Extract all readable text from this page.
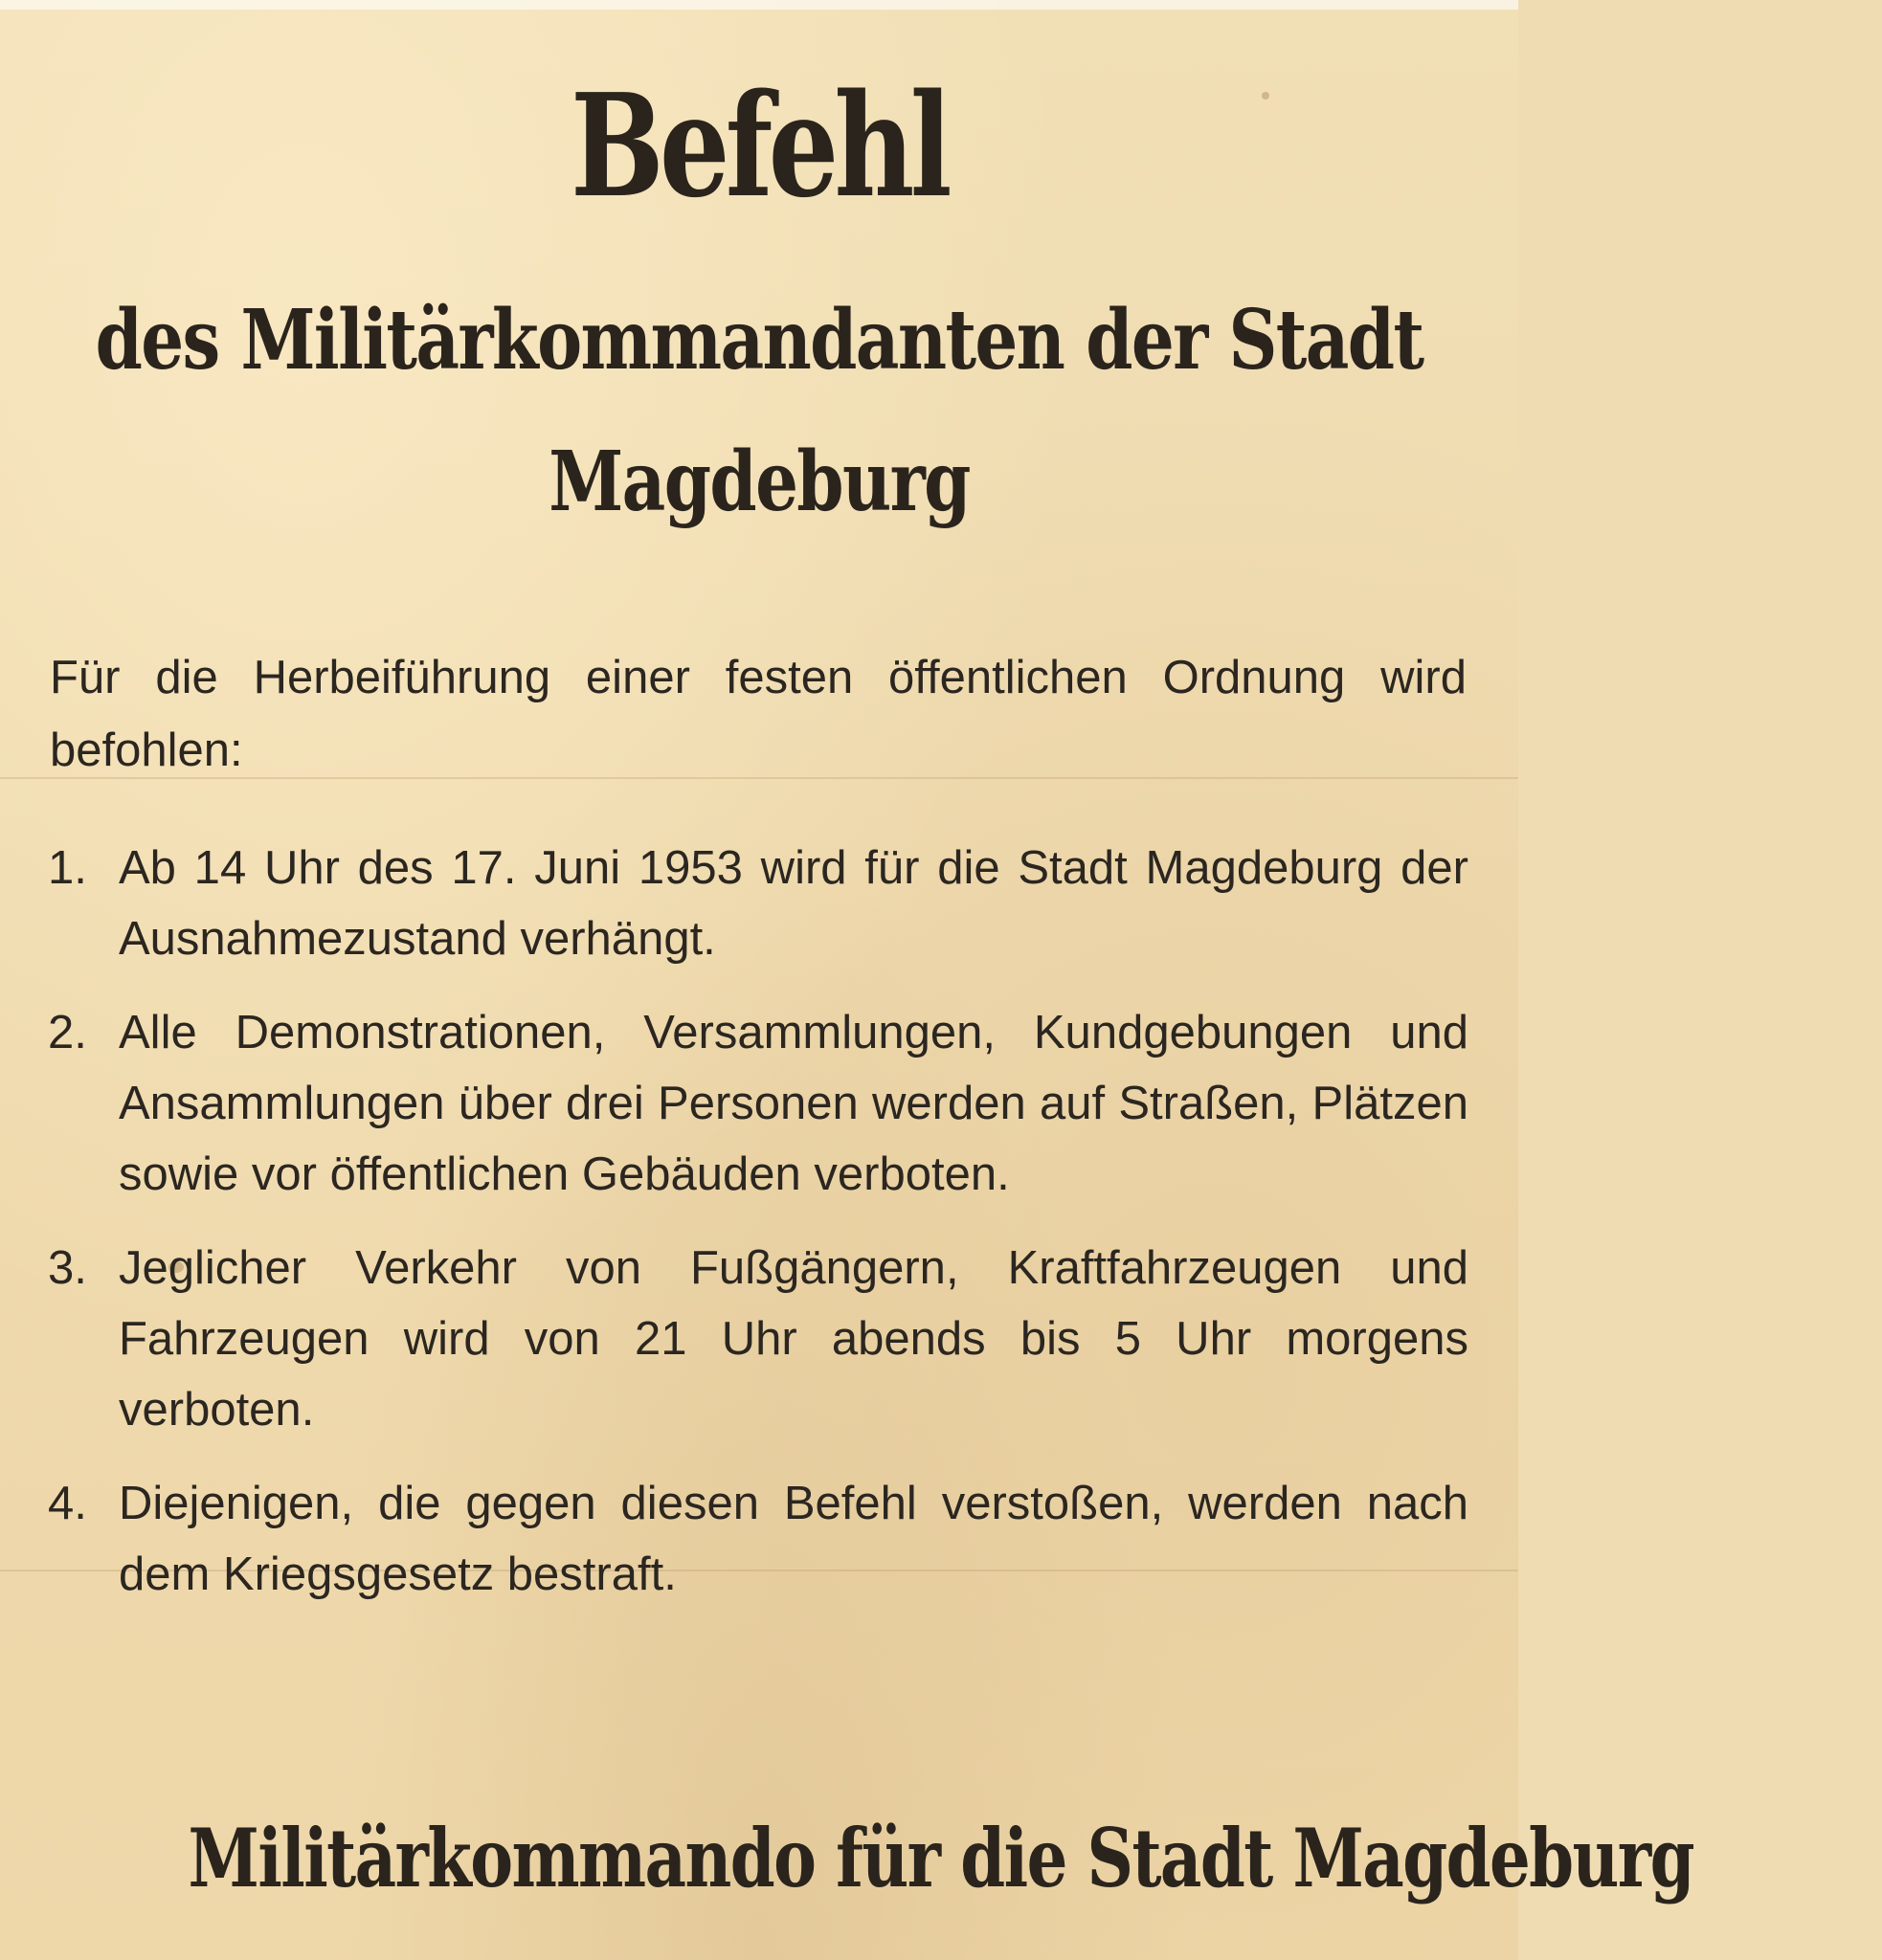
Befehl
des Militärkommandanten der Stadt Magdeburg
Für die Herbeiführung einer festen öffentlichen Ordnung wird befohlen:
1. Ab 14 Uhr des 17. Juni 1953 wird für die Stadt Magdeburg der Ausnahmezustand verhängt.
2. Alle Demonstrationen, Versammlungen, Kundgebungen und Ansammlungen über drei Personen werden auf Straßen, Plätzen sowie vor öffentlichen Gebäuden verboten.
3. Jeglicher Verkehr von Fußgängern, Kraftfahrzeugen und Fahrzeugen wird von 21 Uhr abends bis 5 Uhr morgens verboten.
4. Diejenigen, die gegen diesen Befehl verstoßen, werden nach dem Kriegsgesetz bestraft.
Militärkommando für die Stadt Magdeburg
